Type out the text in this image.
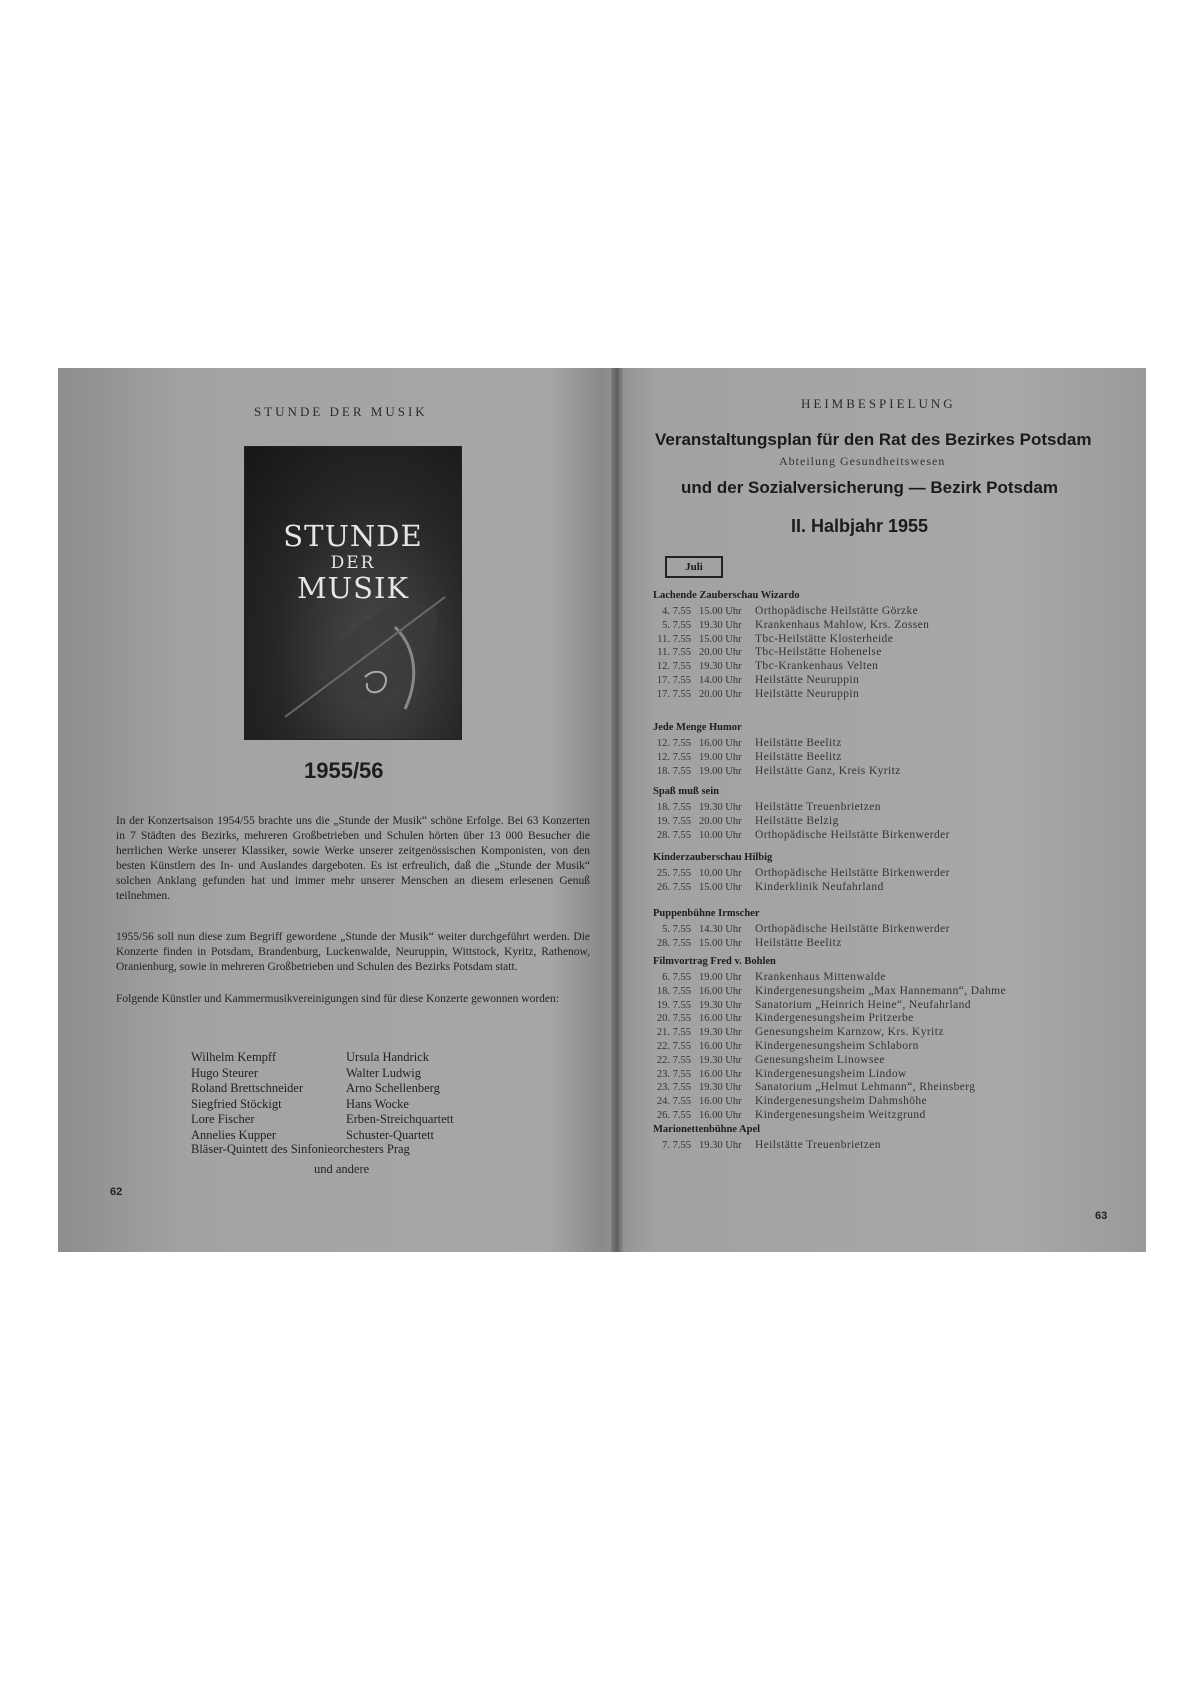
STUNDE DER MUSIK
STUNDE
DER
MUSIK
1955/56

In der Konzertsaison 1954/55 brachte uns die „Stunde der Musik“ schöne Erfolge. Bei 63 Konzerten in 7 Städten des Bezirks, mehreren Großbetrieben und Schulen hörten über 13 000 Besucher die herrlichen Werke unserer Klassiker, sowie Werke unserer zeitgenössischen Komponisten, von den besten Künstlern des In- und Auslandes dargeboten. Es ist erfreulich, daß die „Stunde der Musik“ solchen Anklang gefunden hat und immer mehr unserer Menschen an diesem erlesenen Genuß teilnehmen.

1955/56 soll nun diese zum Begriff gewordene „Stunde der Musik“ weiter durchgeführt werden. Die Konzerte finden in Potsdam, Brandenburg, Luckenwalde, Neuruppin, Wittstock, Kyritz, Rathenow, Oranienburg, sowie in mehreren Großbetrieben und Schulen des Bezirks Potsdam statt.

Folgende Künstler und Kammermusikvereinigungen sind für diese Konzerte gewonnen worden:

Wilhelm Kempff
Hugo Steurer
Roland Brettschneider
Siegfried Stöckigt
Lore Fischer
Annelies Kupper
Ursula Handrick
Walter Ludwig
Arno Schellenberg
Hans Wocke
Erben-Streichquartett
Schuster-Quartett
Bläser-Quintett des Sinfonieorchesters Prag
und andere
62
HEIMBESPIELUNG
Veranstaltungsplan für den Rat des Bezirkes Potsdam
Abteilung Gesundheitswesen
und der Sozialversicherung — Bezirk Potsdam
II. Halbjahr 1955
Juli
Lachende Zauberschau Wizardo
4. 7.55 15.00 Uhr Orthopädische Heilstätte Görzke
5. 7.55 19.30 Uhr Krankenhaus Mahlow, Krs. Zossen
11. 7.55 15.00 Uhr Tbc-Heilstätte Klosterheide
11. 7.55 20.00 Uhr Tbc-Heilstätte Hohenelse
12. 7.55 19.30 Uhr Tbc-Krankenhaus Velten
17. 7.55 14.00 Uhr Heilstätte Neuruppin
17. 7.55 20.00 Uhr Heilstätte Neuruppin
Jede Menge Humor
12. 7.55 16.00 Uhr Heilstätte Beelitz
12. 7.55 19.00 Uhr Heilstätte Beelitz
18. 7.55 19.00 Uhr Heilstätte Ganz, Kreis Kyritz
Spaß muß sein
18. 7.55 19.30 Uhr Heilstätte Treuenbrietzen
19. 7.55 20.00 Uhr Heilstätte Belzig
28. 7.55 10.00 Uhr Orthopädische Heilstätte Birkenwerder
Kinderzauberschau Hilbig
25. 7.55 10.00 Uhr Orthopädische Heilstätte Birkenwerder
26. 7.55 15.00 Uhr Kinderklinik Neufahrland
Puppenbühne Irmscher
5. 7.55 14.30 Uhr Orthopädische Heilstätte Birkenwerder
28. 7.55 15.00 Uhr Heilstätte Beelitz
Filmvortrag Fred v. Bohlen
6. 7.55 19.00 Uhr Krankenhaus Mittenwalde
18. 7.55 16.00 Uhr Kindergenesungsheim „Max Hannemann“, Dahme
19. 7.55 19.30 Uhr Sanatorium „Heinrich Heine“, Neufahrland
20. 7.55 16.00 Uhr Kindergenesungsheim Pritzerbe
21. 7.55 19.30 Uhr Genesungsheim Karnzow, Krs. Kyritz
22. 7.55 16.00 Uhr Kindergenesungsheim Schlaborn
22. 7.55 19.30 Uhr Genesungsheim Linowsee
23. 7.55 16.00 Uhr Kindergenesungsheim Lindow
23. 7.55 19.30 Uhr Sanatorium „Helmut Lehmann“, Rheinsberg
24. 7.55 16.00 Uhr Kindergenesungsheim Dahmshöhe
26. 7.55 16.00 Uhr Kindergenesungsheim Weitzgrund
Marionettenbühne Apel
7. 7.55 19.30 Uhr Heilstätte Treuenbrietzen
63
